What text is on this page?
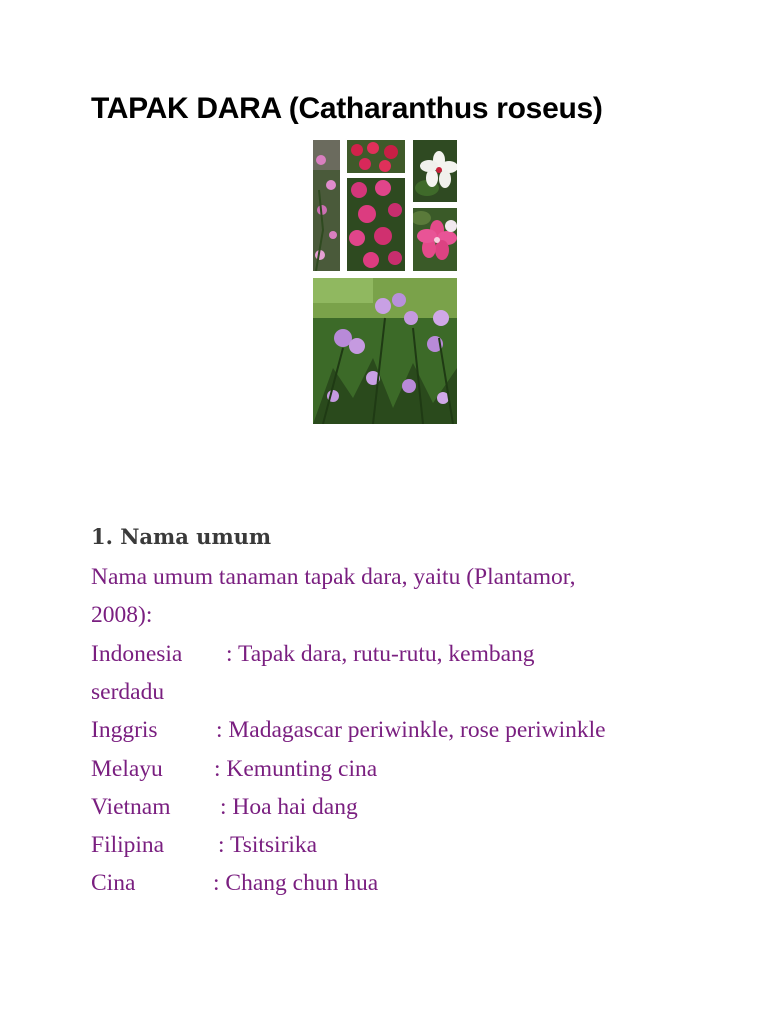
TAPAK DARA (Catharanthus roseus)
1. Nama umum

Nama umum tanaman tapak dara, yaitu (Plantamor,

2008):

Indonesia : Tapak dara, rutu-rutu, kembang

serdadu

Inggris : Madagascar periwinkle, rose periwinkle
Melayu : Kemunting cina
Vietnam : Hoa hai dang
Filipina : Tsitsirika
Cina	: Chang chun hua
